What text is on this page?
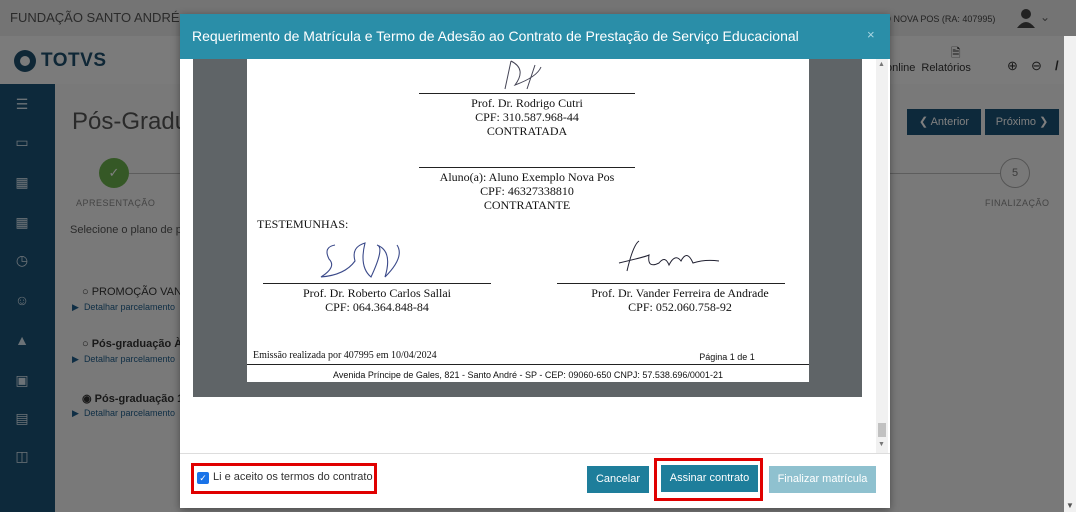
▼
Requerimento de Matrícula e Termo de Adesão ao Contrato de Prestação de Serviço Educacional	×
Prof. Dr. Rodrigo Cutri
CPF: 310.587.968-44
CONTRATADA
Aluno(a): Aluno Exemplo Nova Pos
CPF: 46327338810
CONTRATANTE
TESTEMUNHAS:
Prof. Dr. Roberto Carlos Sallai
CPF: 064.364.848-84
Prof. Dr. Vander Ferreira de Andrade
CPF: 052.060.758-92
Emissão realizada por 407995 em 10/04/2024	Página 1 de 1
Avenida Príncipe de Gales, 821 - Santo André - SP - CEP: 09060-650 CNPJ: 57.538.696/0001-21
▲
▼
✓ Li e aceito os termos do contrato	Cancelar	Assinar contrato	Finalizar matrícula
